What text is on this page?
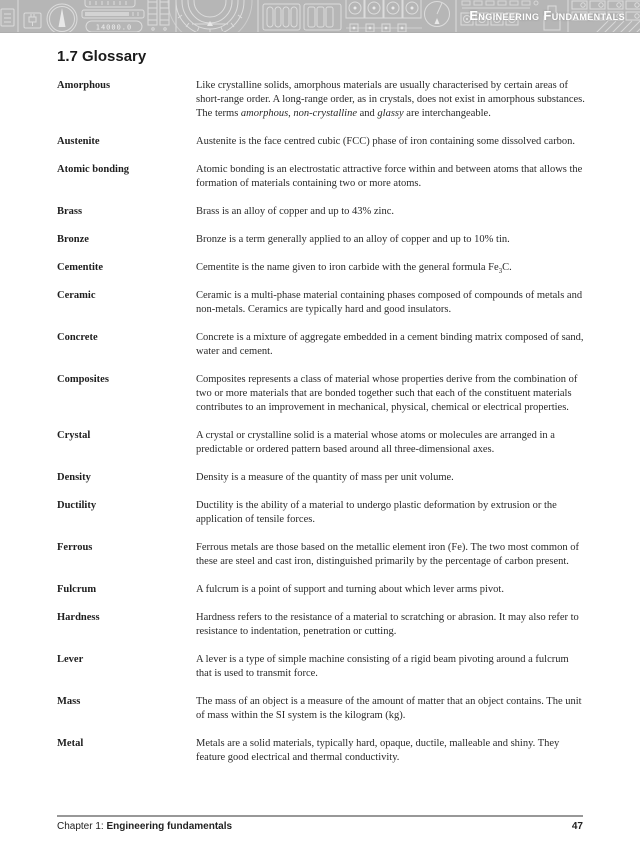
14000.0
Engineering Fundamentals
1.7 Glossary
Amorphous	Like crystalline solids, amorphous materials are usually characterised by certain areas of short-range order. A long-range order, as in crystals, does not exist in amorphous substances. The terms amorphous, non-crystalline and glassy are interchangeable.
Austenite	Austenite is the face centred cubic (FCC) phase of iron containing some dissolved carbon.
Atomic bonding	Atomic bonding is an electrostatic attractive force within and between atoms that allows the formation of materials containing two or more atoms.
Brass	Brass is an alloy of copper and up to 43% zinc.
Bronze	Bronze is a term generally applied to an alloy of copper and up to 10% tin.
Cementite	Cementite is the name given to iron carbide with the general formula $Fe_3C$.
Ceramic	Ceramic is a multi-phase material containing phases composed of compounds of metals and non-metals. Ceramics are typically hard and good insulators.
Concrete	Concrete is a mixture of aggregate embedded in a cement binding matrix composed of sand, water and cement.
Composites	Composites represents a class of material whose properties derive from the combination of two or more materials that are bonded together such that each of the constituent materials contributes to an improvement in mechanical, physical, chemical or electrical properties.
Crystal	A crystal or crystalline solid is a material whose atoms or molecules are arranged in a predictable or ordered pattern based around all three-dimensional axes.
Density	Density is a measure of the quantity of mass per unit volume.
Ductility	Ductility is the ability of a material to undergo plastic deformation by extrusion or the application of tensile forces.
Ferrous	Ferrous metals are those based on the metallic element iron (Fe). The two most common of these are steel and cast iron, distinguished primarily by the percentage of carbon present.
Fulcrum	A fulcrum is a point of support and turning about which lever arms pivot.
Hardness	Hardness refers to the resistance of a material to scratching or abrasion. It may also refer to resistance to indentation, penetration or cutting.
Lever	A lever is a type of simple machine consisting of a rigid beam pivoting around a fulcrum that is used to transmit force.
Mass	The mass of an object is a measure of the amount of matter that an object contains. The unit of mass within the SI system is the kilogram (kg).
Metal	Metals are a solid materials, typically hard, opaque, ductile, malleable and shiny. They feature good electrical and thermal conductivity.
Chapter 1: Engineering fundamentals	47
